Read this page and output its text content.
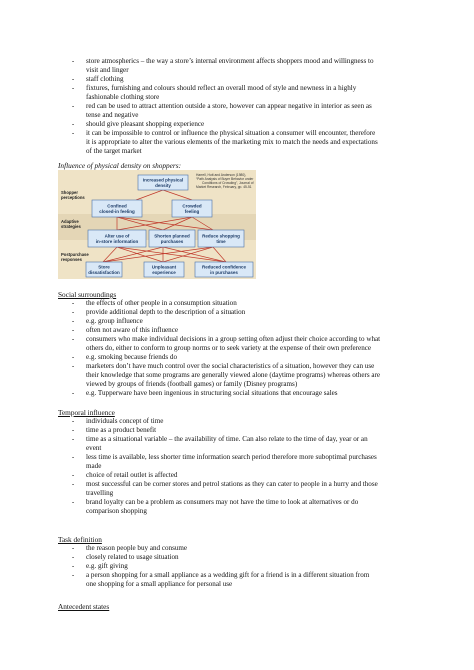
- store atmospherics – the way a store’s internal environment affects shoppers mood and willingness to
visit and linger
- staff clothing
- fixtures, furnishing and colours should reflect an overall mood of style and newness in a highly
fashionable clothing store
- red can be used to attract attention outside a store, however can appear negative in interior as seen as
tense and negative
- should give pleasant shopping experience
- it can be impossible to control or influence the physical situation a consumer will encounter, therefore
it is appropriate to alter the various elements of the marketing mix to match the needs and expectations
of the target market
Influence of physical density on shoppers:
Shopper
perceptions
Adaptive
strategies
Postpurchase
responses
Harrell, Hutt and Anderson (1980),
“Path Analysis of Buyer Behavior under
Conditions of Crowding”, Journal of
Market Research, February, pp. 45-51
Increased physical
density
Confined
closed-in feeling
Crowded
feeling
Alter use of
in-store information
Shorten planned
purchases
Reduce shopping
time
Store
dissatisfaction
Unpleasant
experience
Reduced confidence
in purchases
Social surroundings
- the effects of other people in a consumption situation
- provide additional depth to the description of a situation
- e.g. group influence
- often not aware of this influence
- consumers who make individual decisions in a group setting often adjust their choice according to what
others do, either to conform to group norms or to seek variety at the expense of their own preference
- e.g. smoking because friends do
- marketers don’t have much control over the social characteristics of a situation, however they can use
their knowledge that some programs are generally viewed alone (daytime programs) whereas others are
viewed by groups of friends (football games) or family (Disney programs)
- e.g. Tupperware have been ingenious in structuring social situations that encourage sales
Temporal influence
- individuals concept of time
- time as a product benefit
- time as a situational variable – the availability of time. Can also relate to the time of day, year or an
event
- less time is available, less shorter time information search period therefore more suboptimal purchases
made
- choice of retail outlet is affected
- most successful can be corner stores and petrol stations as they can cater to people in a hurry and those
travelling
- brand loyalty can be a problem as consumers may not have the time to look at alternatives or do
comparison shopping
Task definition
- the reason people buy and consume
- closely related to usage situation
- e.g. gift giving
- a person shopping for a small appliance as a wedding gift for a friend is in a different situation from
one shopping for a small appliance for personal use
Antecedent states
